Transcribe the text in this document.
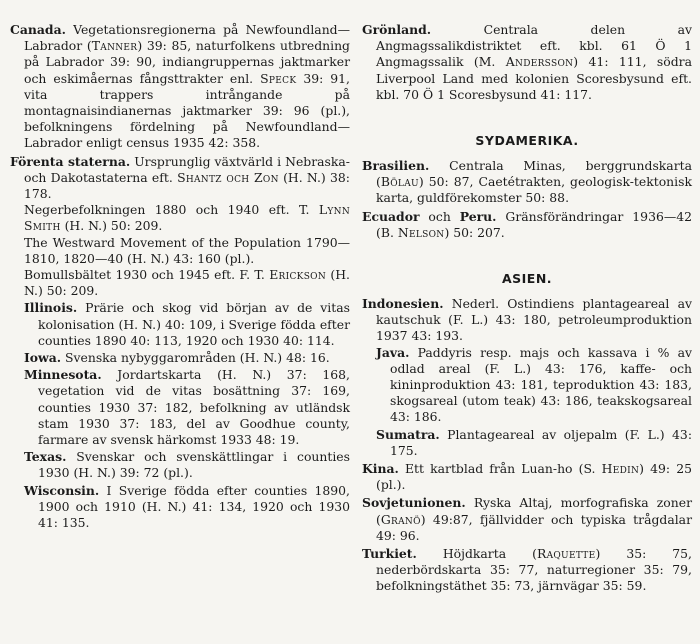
Canada. Vegetationsregionerna på Newfoundland—Labrador (Tanner) 39: 85, naturfolkens utbredning på Labrador 39: 90, indiangruppernas jaktmarker och eskimåernas fångsttrakter enl. Speck 39: 91, vita trappers intrångande på montagnaisindianernas jaktmarker 39: 96 (pl.), befolkningens fördelning på Newfoundland—Labrador enligt census 1935 42: 358.

Förenta staterna. Ursprunglig växtvärld i Nebraska- och Dakotastaterna eft. Shantz och Zon (H. N.) 38: 178.

Negerbefolkningen 1880 och 1940 eft. T. Lynn Smith (H. N.) 50: 209.

The Westward Movement of the Population 1790—1810, 1820—40 (H. N.) 43: 160 (pl.).

Bomullsbältet 1930 och 1945 eft. F. T. Erickson (H. N.) 50: 209.

Illinois. Prärie och skog vid början av de vitas kolonisation (H. N.) 40: 109, i Sverige födda efter counties 1890 40: 113, 1920 och 1930 40: 114.

Iowa. Svenska nybyggarområden (H. N.) 48: 16.

Minnesota. Jordartskarta (H. N.) 37: 168, vegetation vid de vitas bosättning 37: 169, counties 1930 37: 182, befolkning av utländsk stam 1930 37: 183, del av Goodhue county, farmare av svensk härkomst 1933 48: 19.

Texas. Svenskar och svenskättlingar i counties 1930 (H. N.) 39: 72 (pl.).

Wisconsin. I Sverige födda efter counties 1890, 1900 och 1910 (H. N.) 41: 134, 1920 och 1930 41: 135.

Grönland. Centrala delen av Angmagssalikdistriktet eft. kbl. 61 Ö 1 Angmagssalik (M. Andersson) 41: 111, södra Liverpool Land med kolonien Scoresbysund eft. kbl. 70 Ö 1 Scoresbysund 41: 117.

SYDAMERIKA.

Brasilien. Centrala Minas, berggrundskarta (Bölau) 50: 87, Caetétrakten, geologisk-tektonisk karta, guldförekomster 50: 88.

Ecuador och Peru. Gränsförändringar 1936—42 (B. Nelson) 50: 207.

ASIEN.

Indonesien. Nederl. Ostindiens plantageareal av kautschuk (F. L.) 43: 180, petroleumproduktion 1937 43: 193.

Java. Paddyris resp. majs och kassava i % av odlad areal (F. L.) 43: 176, kaffe- och kininproduktion 43: 181, teproduktion 43: 183, skogsareal (utom teak) 43: 186, teakskogsareal 43: 186.

Sumatra. Plantageareal av oljepalm (F. L.) 43: 175.

Kina. Ett kartblad från Luan-ho (S. Hedin) 49: 25 (pl.).

Sovjetunionen. Ryska Altaj, morfografiska zoner (Granö) 49:87, fjällvidder och typiska trågdalar 49: 96.

Turkiet. Höjdkarta (Raquette) 35: 75, nederbördskarta 35: 77, naturregioner 35: 79, befolkningstäthet 35: 73, järnvägar 35: 59.
